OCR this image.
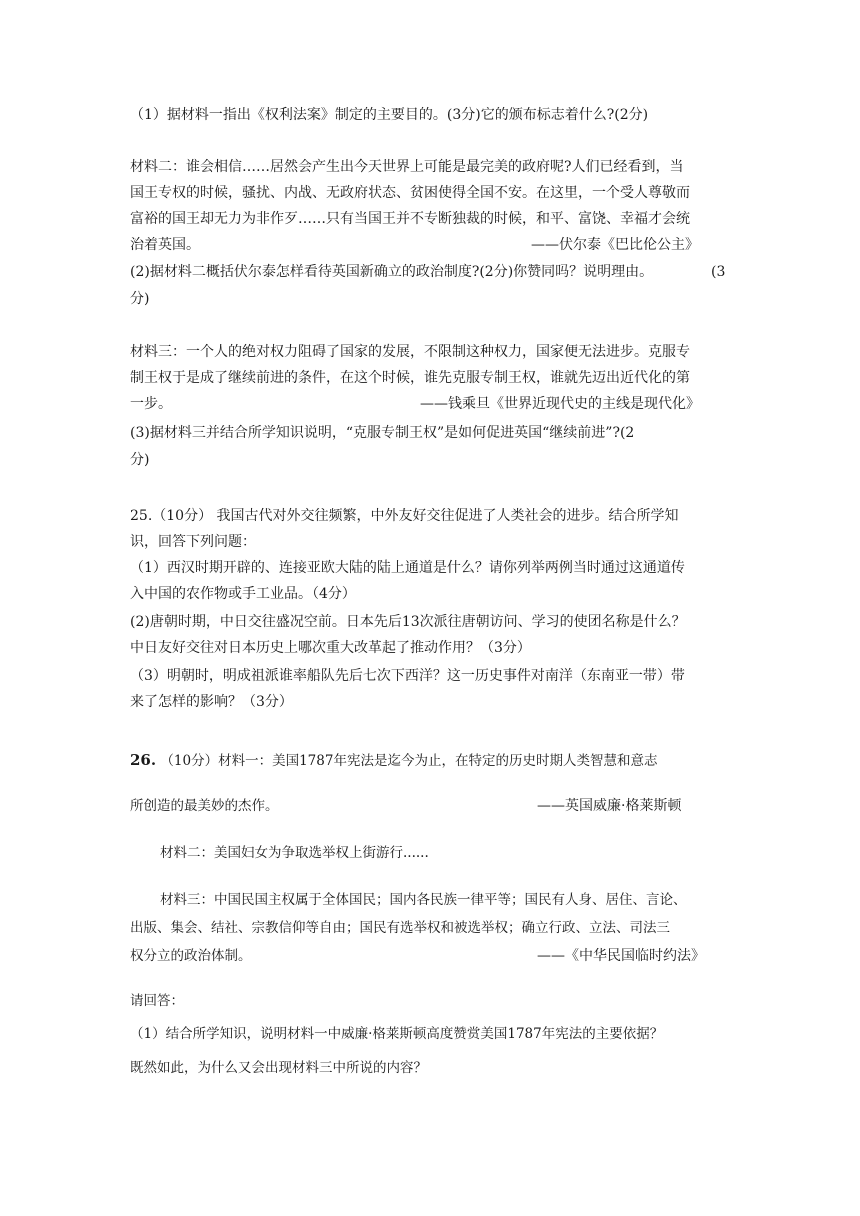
（1）据材料一指出《权利法案》制定的主要目的。(3分)它的颁布标志着什么?(2分)
材料二：谁会相信……居然会产生出今天世界上可能是最完美的政府呢?人们已经看到，当
国王专权的时候，骚扰、内战、无政府状态、贫困使得全国不安。在这里，一个受人尊敬而
富裕的国王却无力为非作歹……只有当国王并不专断独裁的时候，和平、富饶、幸福才会统
治着英国。	——伏尔泰《巴比伦公主》
(2)据材料二概括伏尔泰怎样看待英国新确立的政治制度?(2分)你赞同吗？说明理由。	(3
分)
材料三：一个人的绝对权力阻碍了国家的发展，不限制这种权力，国家便无法进步。克服专
制王权于是成了继续前进的条件，在这个时候，谁先克服专制王权，谁就先迈出近代化的第
一步。	——钱乘旦《世界近现代史的主线是现代化》
(3)据材料三并结合所学知识说明，“克服专制王权”是如何促进英国“继续前进”?(2
分)
25.（10分） 我国古代对外交往频繁，中外友好交往促进了人类社会的进步。结合所学知
识，回答下列问题：
（1）西汉时期开辟的、连接亚欧大陆的陆上通道是什么？请你列举两例当时通过这通道传
入中国的农作物或手工业品。（4分）
(2)唐朝时期，中日交往盛况空前。日本先后13次派往唐朝访问、学习的使团名称是什么？
中日友好交往对日本历史上哪次重大改革起了推动作用？（3分）
（3）明朝时，明成祖派谁率船队先后七次下西洋？这一历史事件对南洋（东南亚一带）带
来了怎样的影响？（3分）
26. （10分）材料一：美国1787年宪法是迄今为止，在特定的历史时期人类智慧和意志
所创造的最美妙的杰作。	——英国威廉·格莱斯顿
材料二：美国妇女为争取选举权上街游行......
材料三：中国民国主权属于全体国民；国内各民族一律平等；国民有人身、居住、言论、
出版、集会、结社、宗教信仰等自由；国民有选举权和被选举权；确立行政、立法、司法三
权分立的政治体制。	——《中华民国临时约法》
请回答：
（1）结合所学知识，说明材料一中威廉·格莱斯顿高度赞赏美国1787年宪法的主要依据？
既然如此，为什么又会出现材料三中所说的内容？
